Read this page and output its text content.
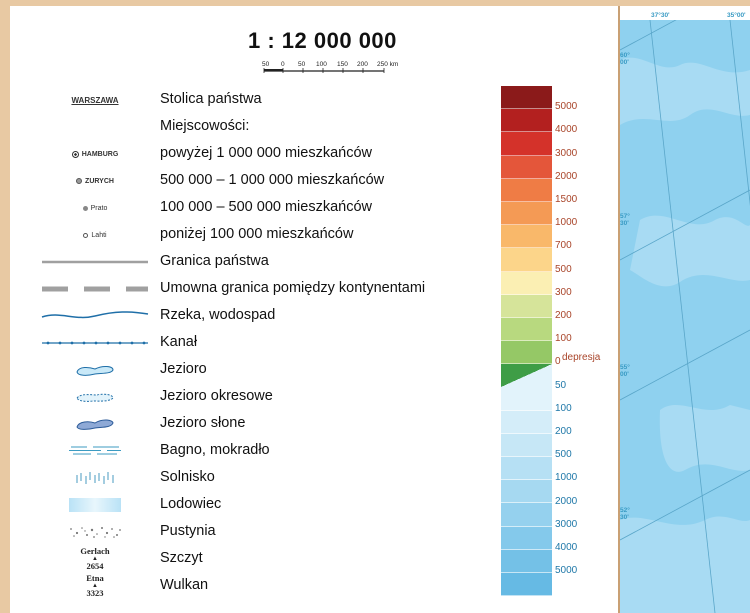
1 : 12 000 000
50 0 50 100 150 200 250 km
WARSZAWA	Stolica państwa
Miejscowości:
HAMBURG	powyżej 1 000 000 mieszkańców
ZURYCH	500 000 – 1 000 000 mieszkańców
Prato	100 000 – 500 000 mieszkańców
Lahti	poniżej 100 000 mieszkańców
Granica państwa
Umowna granica pomiędzy kontynentami
Rzeka, wodospad
Kanał
Jezioro
Jezioro okresowe
Jezioro słone
Bagno, mokradło
Solnisko
Lodowiec
Pustynia
Gerlach
▲
2654	Szczyt
Etna
▲
3323	Wulkan
5000
4000
3000
2000
1500
1000
700
500
300
200
100
0 depresja
50
100
200
500
1000
2000
3000
4000
5000
37°30'	35°00'
60° 00'
57° 30'
55° 00'
52° 30'
